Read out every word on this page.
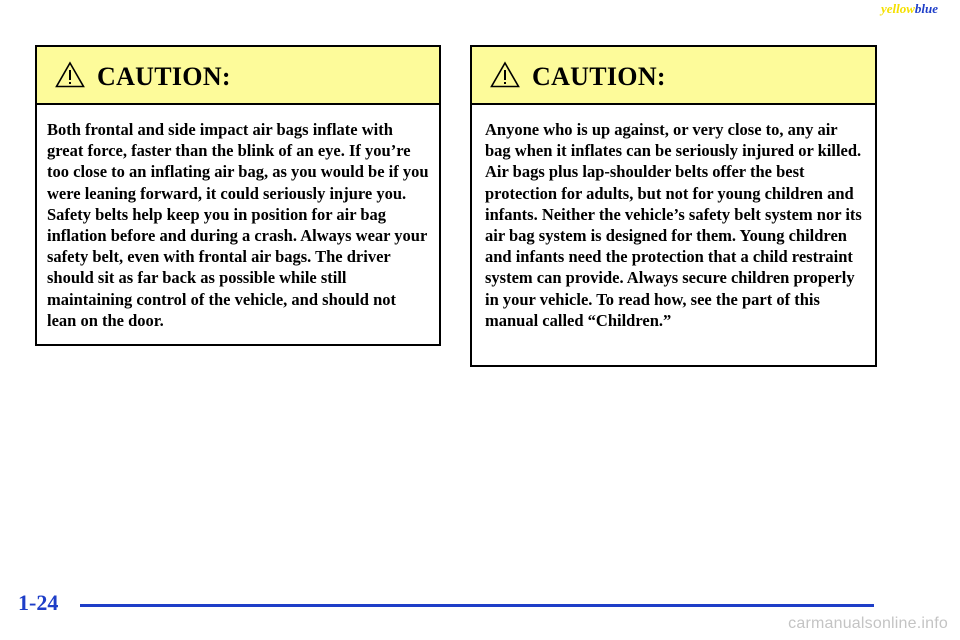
yellowblue
CAUTION:
Both frontal and side impact air bags inflate with great force, faster than the blink of an eye. If you’re too close to an inflating air bag, as you would be if you were leaning forward, it could seriously injure you. Safety belts help keep you in position for air bag inflation before and during a crash. Always wear your safety belt, even with frontal air bags. The driver should sit as far back as possible while still maintaining control of the vehicle, and should not lean on the door.
CAUTION:
Anyone who is up against, or very close to, any air bag when it inflates can be seriously injured or killed. Air bags plus lap-shoulder belts offer the best protection for adults, but not for young children and infants. Neither the vehicle’s safety belt system nor its air bag system is designed for them. Young children and infants need the protection that a child restraint system can provide. Always secure children properly in your vehicle. To read how, see the part of this manual called “Children.”
1-24
carmanualsonline.info
